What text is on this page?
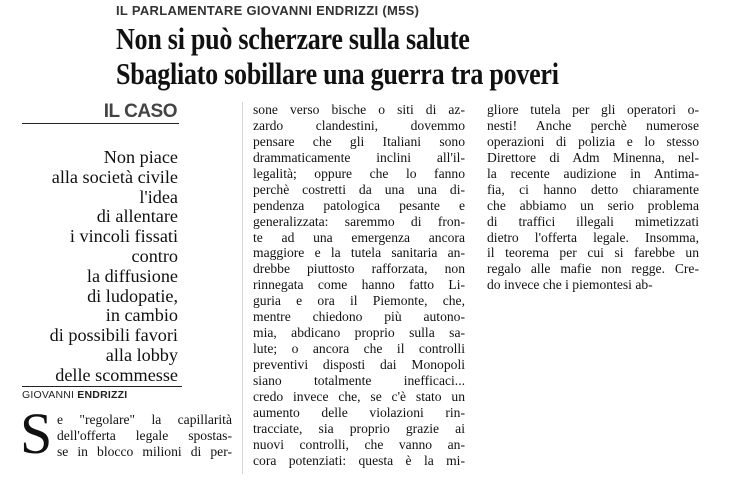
IL PARLAMENTARE GIOVANNI ENDRIZZI (M5S)
Non si può scherzare sulla salute
Sbagliato sobillare una guerra tra poveri
IL CASO
Non piace
alla società civile
l'idea
di allentare
i vincoli fissati
contro
la diffusione
di ludopatie,
in cambio
di possibili favori
alla lobby
delle scommesse
GIOVANNI ENDRIZZI
S e "regolare" la capillarità
dell'offerta legale spostas-
se in blocco milioni di per-
sone verso bische o siti di az-
zardo clandestini, dovemmo
pensare che gli Italiani sono
drammaticamente inclini all'il-
legalità; oppure che lo fanno
perchè costretti da una una di-
pendenza patologica pesante e
generalizzata: saremmo di fron-
te ad una emergenza ancora
maggiore e la tutela sanitaria an-
drebbe piuttosto rafforzata, non
rinnegata come hanno fatto Li-
guria e ora il Piemonte, che,
mentre chiedono più autono-
mia, abdicano proprio sulla sa-
lute; o ancora che il controlli
preventivi disposti dai Monopoli
siano totalmente inefficaci...
credo invece che, se c'è stato un
aumento delle violazioni rin-
tracciate, sia proprio grazie ai
nuovi controlli, che vanno an-
cora potenziati: questa è la mi-
gliore tutela per gli operatori o-
nesti! Anche perchè numerose
operazioni di polizia e lo stesso
Direttore di Adm Minenna, nel-
la recente audizione in Antima-
fia, ci hanno detto chiaramente
che abbiamo un serio problema
di traffici illegali mimetizzati
dietro l'offerta legale. Insomma,
il teorema per cui si farebbe un
regalo alle mafie non regge. Cre-
do invece che i piemontesi ab-
